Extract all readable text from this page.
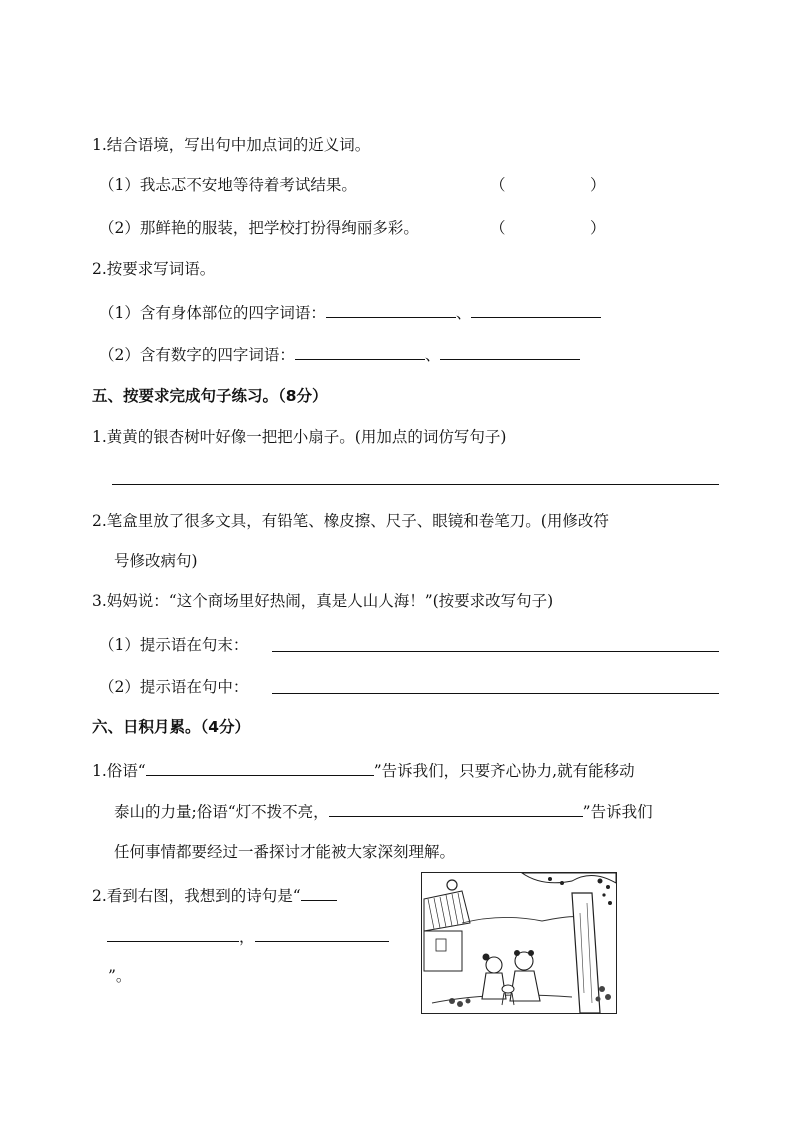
1.结合语境，写出句中加点词的近义词。
（1）我忐忑不安地等待着考试结果。	（	）
（2）那鲜艳的服装，把学校打扮得绚丽多彩。	（	）
2.按要求写词语。
（1）含有身体部位的四字词语：	、
（2）含有数字的四字词语：	、
五、按要求完成句子练习。（8分）
1.黄黄的银杏树叶好像一把把小扇子。(用加点的词仿写句子)
2.笔盒里放了很多文具，有铅笔、橡皮擦、尺子、眼镜和卷笔刀。(用修改符
号修改病句)
3.妈妈说：“这个商场里好热闹，真是人山人海！”(按要求改写句子)
（1）提示语在句末：
（2）提示语在句中：
六、日积月累。（4分）
1.俗语“	”告诉我们，只要齐心协力,就有能移动
泰山的力量;俗语“灯不拨不亮，	”告诉我们
任何事情都要经过一番探讨才能被大家深刻理解。
2.看到右图，我想到的诗句是“
，
”。
